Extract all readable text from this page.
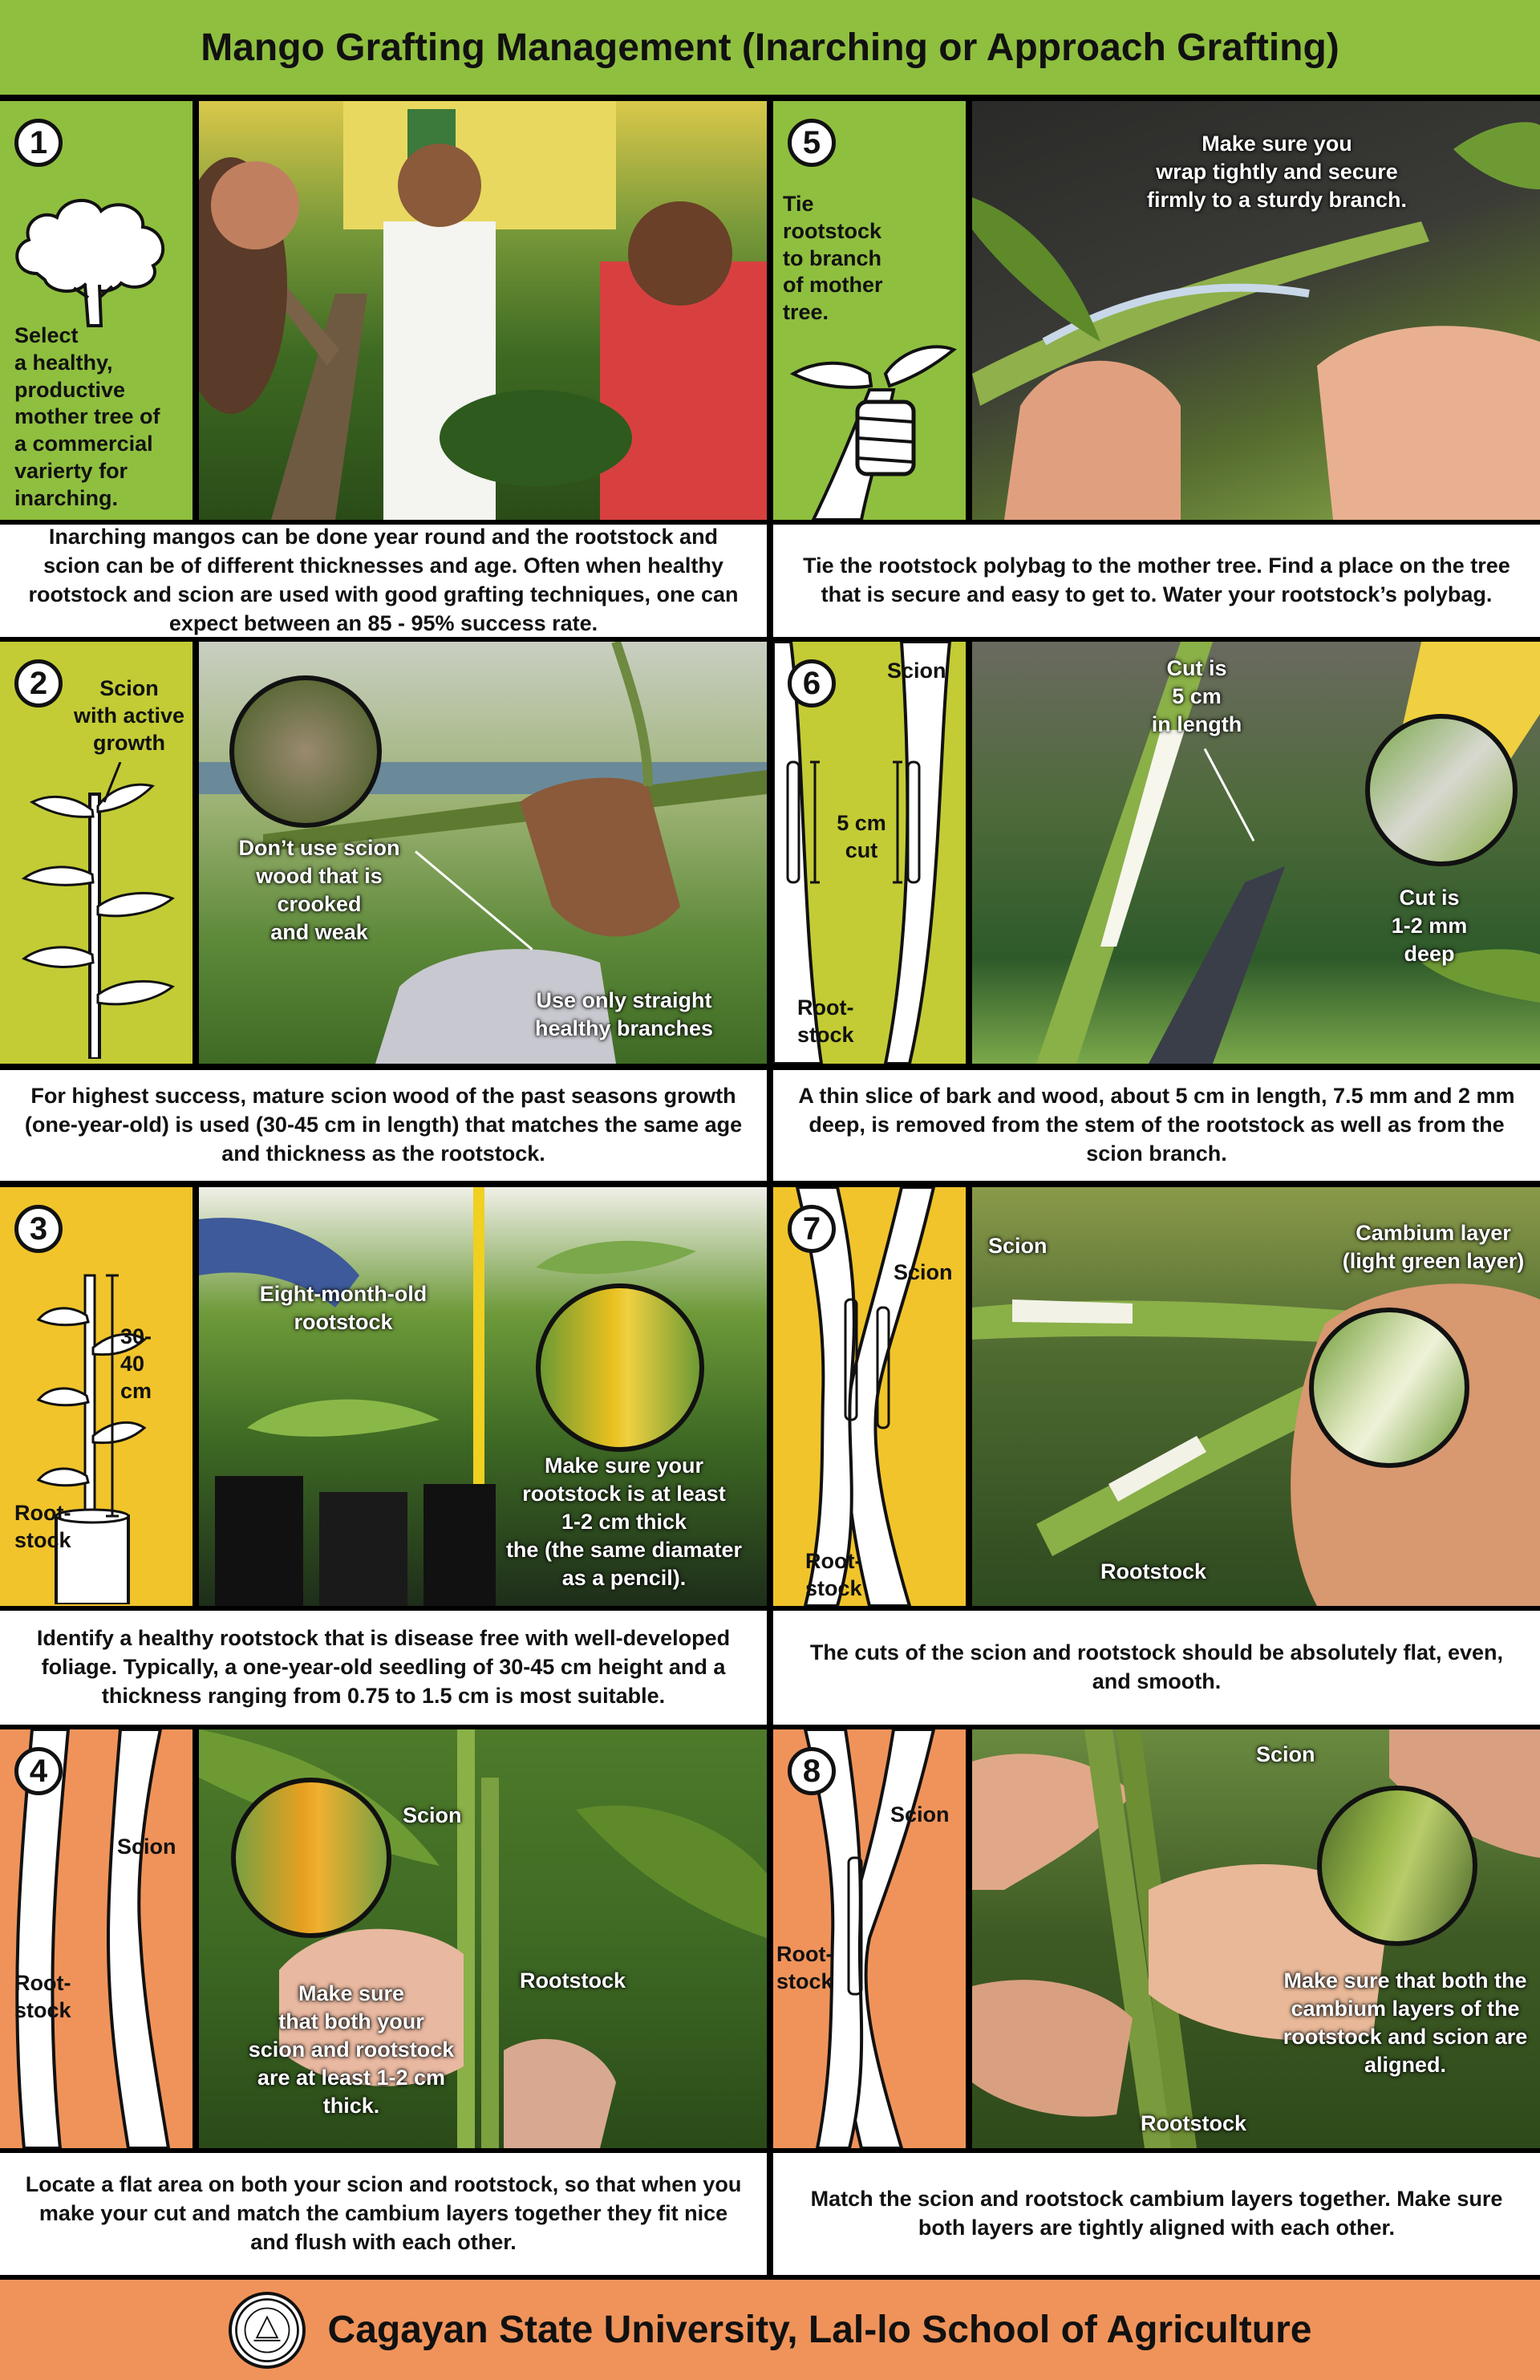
Mango Grafting Management (Inarching or Approach Grafting)
1
Select
a healthy,
productive
mother tree of
a commercial
varierty for
inarching.
Inarching mangos can be done year round and the rootstock and scion can be of different thicknesses and age. Often when healthy rootstock and scion are used with good grafting techniques, one can expect between an 85 - 95% success rate.
5
Tie
rootstock
to branch
of mother
tree.
Make sure you
wrap tightly and secure
firmly to a sturdy branch.
Tie the rootstock polybag to the mother tree. Find a place on the tree that is secure and easy to get to. Water your rootstock’s polybag.
2	Scion
with active
growth
Don’t use scion
wood that is
crooked
and weak
Use only straight
healthy branches
For highest success, mature scion wood of the past seasons growth (one-year-old) is used (30-45 cm in length) that matches the same age and thickness as the rootstock.
6	Scion
5 cm
cut
Root-
stock
Cut is
5 cm
in length
Cut is
1-2 mm
deep
A thin slice of bark and wood, about 5 cm in length, 7.5 mm and 2 mm deep, is removed from the stem of the rootstock as well as from the scion branch.
3
30-
40
cm
Root-
stock
Eight-month-old
rootstock
Make sure your
rootstock is at least
1-2 cm thick
the (the same diamater
as a pencil).
Identify a healthy rootstock that is disease free with well-developed foliage. Typically, a one-year-old seedling of 30-45 cm height and a thickness ranging from 0.75 to 1.5 cm is most suitable.
7
Scion
Root-
stock
Scion
Cambium layer
(light green layer)
Rootstock
The cuts of the scion and rootstock should be absolutely flat, even, and smooth.
4
Scion
Root-
stock
Scion
Rootstock
Make sure
that both your
scion and rootstock
are at least 1-2 cm
thick.
Locate a flat area on both your scion and rootstock, so that when you make your cut and match the cambium layers together they fit nice and flush with each other.
8
Scion
Root-
stock
Scion
Make sure that both the
cambium layers of the
rootstock and scion are
aligned.
Rootstock
Match the scion and rootstock cambium layers together. Make sure both layers are tightly aligned with each other.
Cagayan State University, Lal-lo School of Agriculture
